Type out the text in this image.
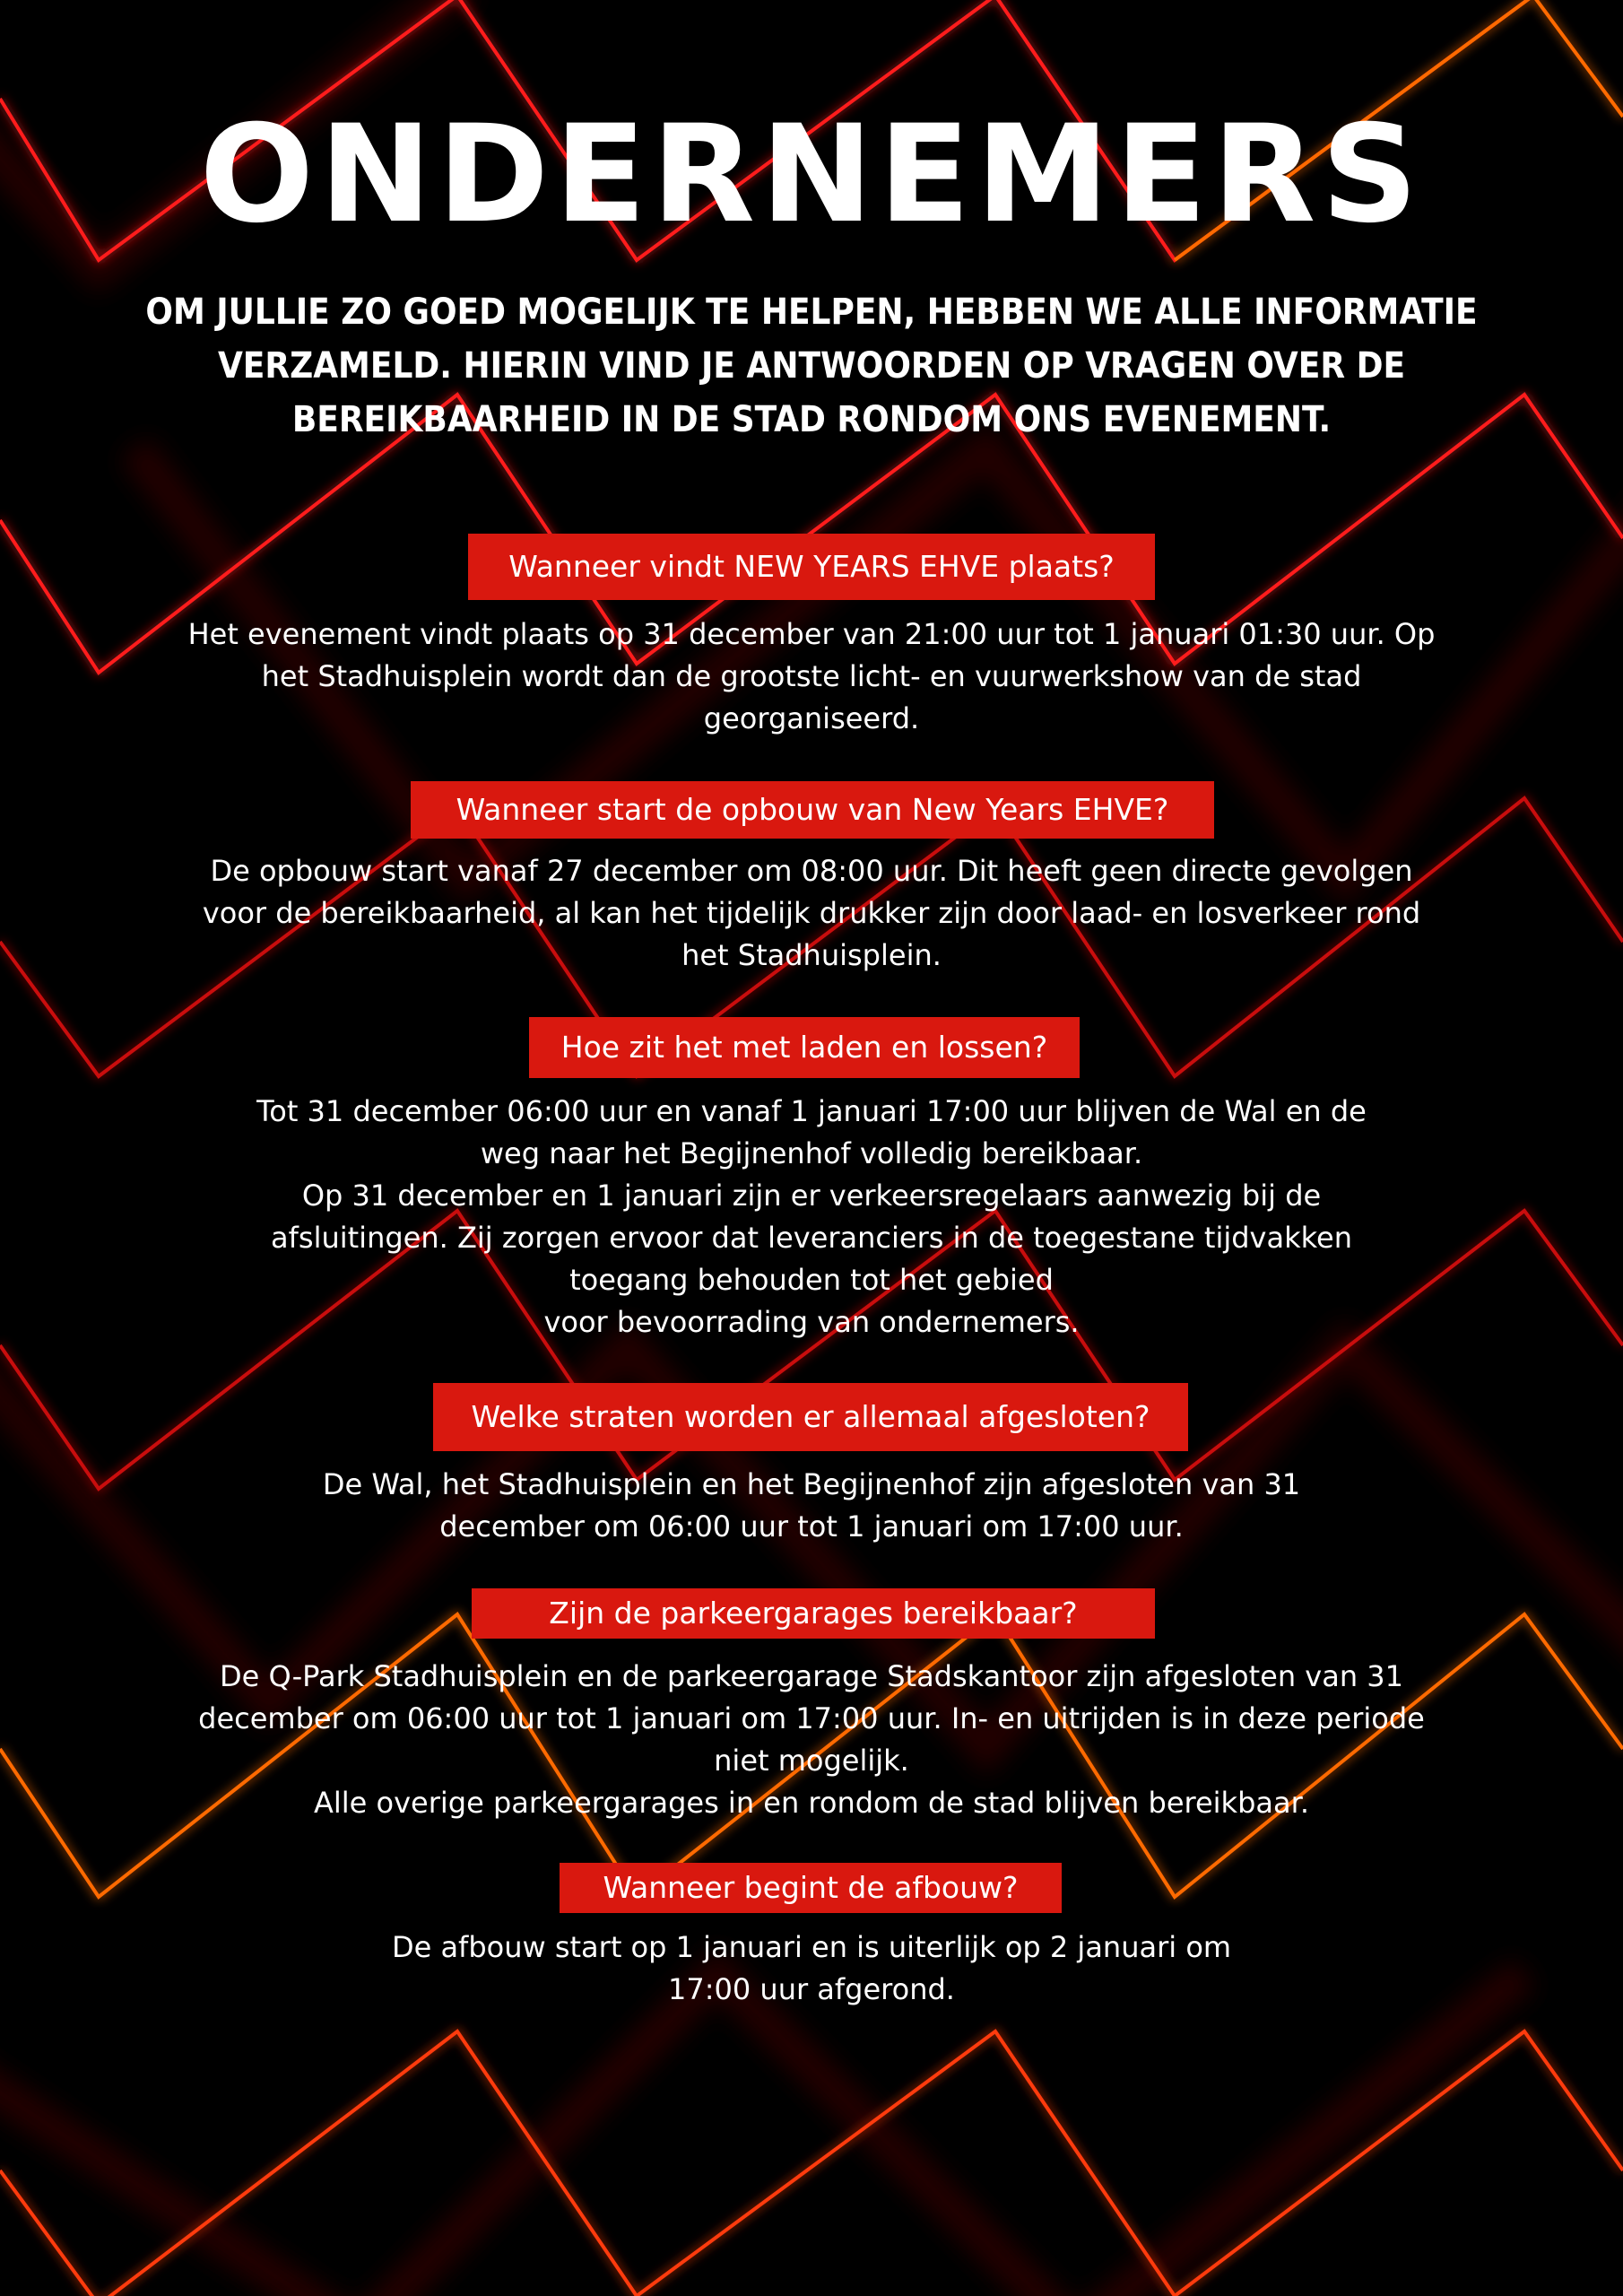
ONDERNEMERS

OM JULLIE ZO GOED MOGELIJK TE HELPEN, HEBBEN WE ALLE INFORMATIE VERZAMELD. HIERIN VIND JE ANTWOORDEN OP VRAGEN OVER DE BEREIKBAARHEID IN DE STAD RONDOM ONS EVENEMENT.

Wanneer vindt NEW YEARS EHVE plaats?

Het evenement vindt plaats op 31 december van 21:00 uur tot 1 januari 01:30 uur. Op het Stadhuisplein wordt dan de grootste licht- en vuurwerkshow van de stad georganiseerd.

Wanneer start de opbouw van New Years EHVE?

De opbouw start vanaf 27 december om 08:00 uur. Dit heeft geen directe gevolgen voor de bereikbaarheid, al kan het tijdelijk drukker zijn door laad- en losverkeer rond het Stadhuisplein.

Hoe zit het met laden en lossen?

Tot 31 december 06:00 uur en vanaf 1 januari 17:00 uur blijven de Wal en de weg naar het Begijnenhof volledig bereikbaar.
Op 31 december en 1 januari zijn er verkeersregelaars aanwezig bij de afsluitingen. Zij zorgen ervoor dat leveranciers in de toegestane tijdvakken toegang behouden tot het gebied
voor bevoorrading van ondernemers.

Welke straten worden er allemaal afgesloten?

De Wal, het Stadhuisplein en het Begijnenhof zijn afgesloten van 31 december om 06:00 uur tot 1 januari om 17:00 uur.

Zijn de parkeergarages bereikbaar?

De Q-Park Stadhuisplein en de parkeergarage Stadskantoor zijn afgesloten van 31 december om 06:00 uur tot 1 januari om 17:00 uur. In- en uitrijden is in deze periode niet mogelijk.
Alle overige parkeergarages in en rondom de stad blijven bereikbaar.

Wanneer begint de afbouw?

De afbouw start op 1 januari en is uiterlijk op 2 januari om 17:00 uur afgerond.
